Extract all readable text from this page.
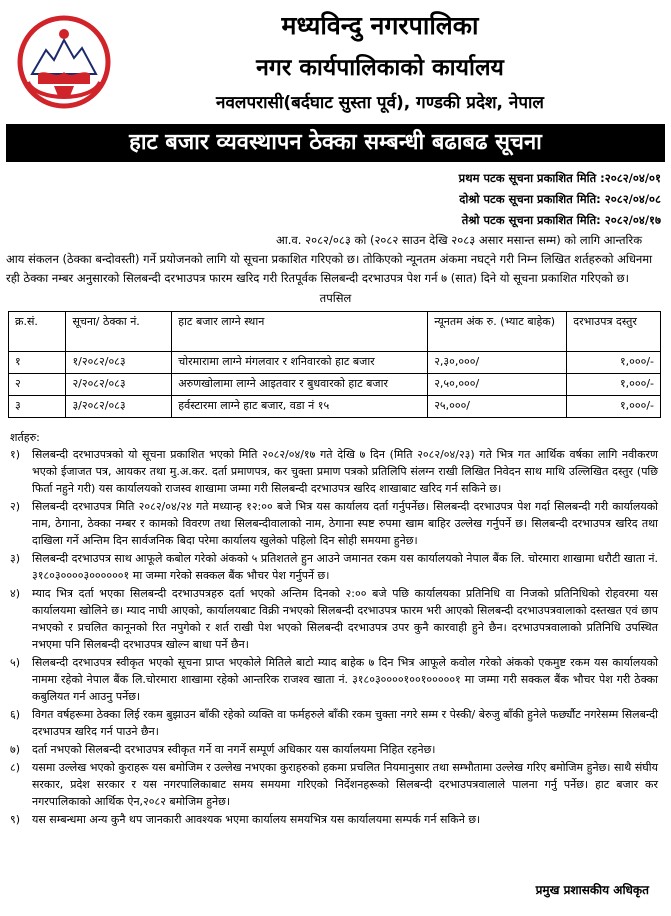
मध्यविन्दु नगरपालिका
नगर कार्यपालिकाको कार्यालय
नवलपरासी(बर्दघाट सुस्ता पूर्व), गण्डकी प्रदेश, नेपाल
हाट बजार व्यवस्थापन ठेक्का सम्बन्धी बढाबढ सूचना
प्रथम पटक सूचना प्रकाशित मिति :२०८२/०४/०१
दोश्रो पटक सूचना प्रकाशित मिति: २०८२/०४/०८
तेश्रो पटक सूचना प्रकाशित मिति: २०८२/०४/१७
आ.व. २०८२/०८३ को (२०८२ साउन देखि २०८३ असार मसान्त सम्म) को लागि आन्तरिक आय संकलन (ठेक्का बन्दोवस्ती) गर्ने प्रयोजनको लागि यो सूचना प्रकाशित गरिएको छ। तोकिएको न्यूनतम अंकमा नघट्ने गरी निम्न लिखित शर्तहरुको अधिनमा रही ठेक्का नम्बर अनुसारको सिलबन्दी दरभाउपत्र फारम खरिद गरी रितपूर्वक सिलबन्दी दरभाउपत्र पेश गर्न ७ (सात) दिने यो सूचना प्रकाशित गरिएको छ।
तपसिल
क्र.सं.	सूचना/ ठेक्का नं.	हाट बजार लाग्ने स्थान	न्यूनतम अंक रु. (भ्याट बाहेक)	दरभाउपत्र दस्तुर
१	१/२०८२/०८३	चोरमारामा लाग्ने मंगलवार र शनिवारको हाट बजार	२,३०,०००/	१,०००/-
२	२/२०८२/०८३	अरुणखोलामा लाग्ने आइतवार र बुधवारको हाट बजार	२,५०,०००/	१,०००/-
३	३/२०८२/०८३	हर्वस्टारमा लाग्ने हाट बजार, वडा नं १५	२५,०००/	१,०००/-
शर्तहरु:
१) सिलबन्दी दरभाउपत्रको यो सूचना प्रकाशित भएको मिति २०८२/०४/१७ गते देखि ७ दिन (मिति २०८२/०४/२३) गते भित्र गत आर्थिक वर्षका लागि नवीकरण भएको ईजाजत पत्र, आयकर तथा मु.अ.कर. दर्ता प्रमाणपत्र, कर चुक्ता प्रमाण पत्रको प्रतिलिपि संलग्न राखी लिखित निवेदन साथ माथि उल्लिखित दस्तुर (पछि फिर्ता नहुने गरी) यस कार्यालयको राजस्व शाखामा जम्मा गरी सिलबन्दी दरभाउपत्र खरिद शाखाबाट खरिद गर्न सकिने छ।
२) सिलबन्दी दरभाउपत्र मिति २०८२/०४/२४ गते मध्यान्ह १२:०० बजे भित्र यस कार्यालय दर्ता गर्नुपर्नेछ। सिलबन्दी दरभाउपत्र पेश गर्दा सिलबन्दी गरी कार्यालयको नाम, ठेगाना, ठेक्का नम्बर र कामको विवरण तथा सिलबन्दीवालाको नाम, ठेगाना स्पष्ट रुपमा खाम बाहिर उल्लेख गर्नुपर्ने छ। सिलबन्दी दरभाउपत्र खरिद तथा दाखिला गर्ने अन्तिम दिन सार्वजनिक बिदा परेमा कार्यालय खुलेको पहिलो दिन सोही समयमा हुनेछ।
३) सिलबन्दी दरभाउपत्र साथ आफूले कबोल गरेको अंकको ५ प्रतिशतले हुन आउने जमानत रकम यस कार्यालयको नेपाल बैंक लि. चोरमारा शाखामा धरौटी खाता नं. ३१८०३००००३००००००१ मा जम्मा गरेको सक्कल बैंक भौचर पेश गर्नुपर्ने छ।
४) म्याद भित्र दर्ता भएका सिलबन्दी दरभाउपत्रहरु दर्ता भएको अन्तिम दिनको २:०० बजे पछि कार्यालयका प्रतिनिधि वा निजको प्रतिनिधिको रोहवरमा यस कार्यालयमा खोलिने छ। म्याद नाघी आएको, कार्यालयबाट विक्री नभएको सिलबन्दी दरभाउपत्र फारम भरी आएको सिलबन्दी दरभाउपत्रवालाको दस्तखत एवं छाप नभएको र प्रचलित कानूनको रित नपुगेको र शर्त राखी पेश भएको सिलबन्दी दरभाउपत्र उपर कुनै कारवाही हुने छैन। दरभाउपत्रवालाको प्रतिनिधि उपस्थित नभएमा पनि सिलबन्दी दरभाउपत्र खोल्न बाधा पर्ने छैन।
५) सिलबन्दी दरभाउपत्र स्वीकृत भएको सूचना प्राप्त भएकोले मितिले बाटो म्याद बाहेक ७ दिन भित्र आफूले कवोल गरेको अंकको एकमुष्ट रकम यस कार्यालयको नाममा रहेको नेपाल बैंक लि.चोरमारा शाखामा रहेको आन्तरिक राजश्व खाता नं. ३१८०३००००१००१०००००१ मा जम्मा गरी सक्कल बैंक भौचर पेश गरी ठेक्का कबुलियत गर्न आउनु पर्नेछ।
६) विगत वर्षहरूमा ठेक्का लिई रकम बुझाउन बाँकी रहेको व्यक्ति वा फर्महरुले बाँकी रकम चुक्ता नगरे सम्म र पेस्की/ बेरुजु बाँकी हुनेले फर्छ्यौट नगरेसम्म सिलबन्दी दरभाउपत्र खरिद गर्न पाउने छैन।
७) दर्ता नभएको सिलबन्दी दरभाउपत्र स्वीकृत गर्ने वा नगर्ने सम्पूर्ण अधिकार यस कार्यालयमा निहित रहनेछ।
८) यसमा उल्लेख भएको कुराहरू यस बमोजिम र उल्लेख नभएका कुराहरुको हकमा प्रचलित नियमानुसार तथा सम्भौतामा उल्लेख गरिए बमोजिम हुनेछ। साथै संघीय सरकार, प्रदेश सरकार र यस नगरपालिकाबाट समय समयमा गरिएको निर्देशनहरूको सिलबन्दी दरभाउपत्रवालाले पालना गर्नु पर्नेछ। हाट बजार कर नगरपालिकाको आर्थिक ऐन,२०८२ बमोजिम हुनेछ।
९) यस सम्बन्धमा अन्य कुनै थप जानकारी आवश्यक भएमा कार्यालय समयभित्र यस कार्यालयमा सम्पर्क गर्न सकिने छ।
प्रमुख प्रशासकीय अधिकृत
